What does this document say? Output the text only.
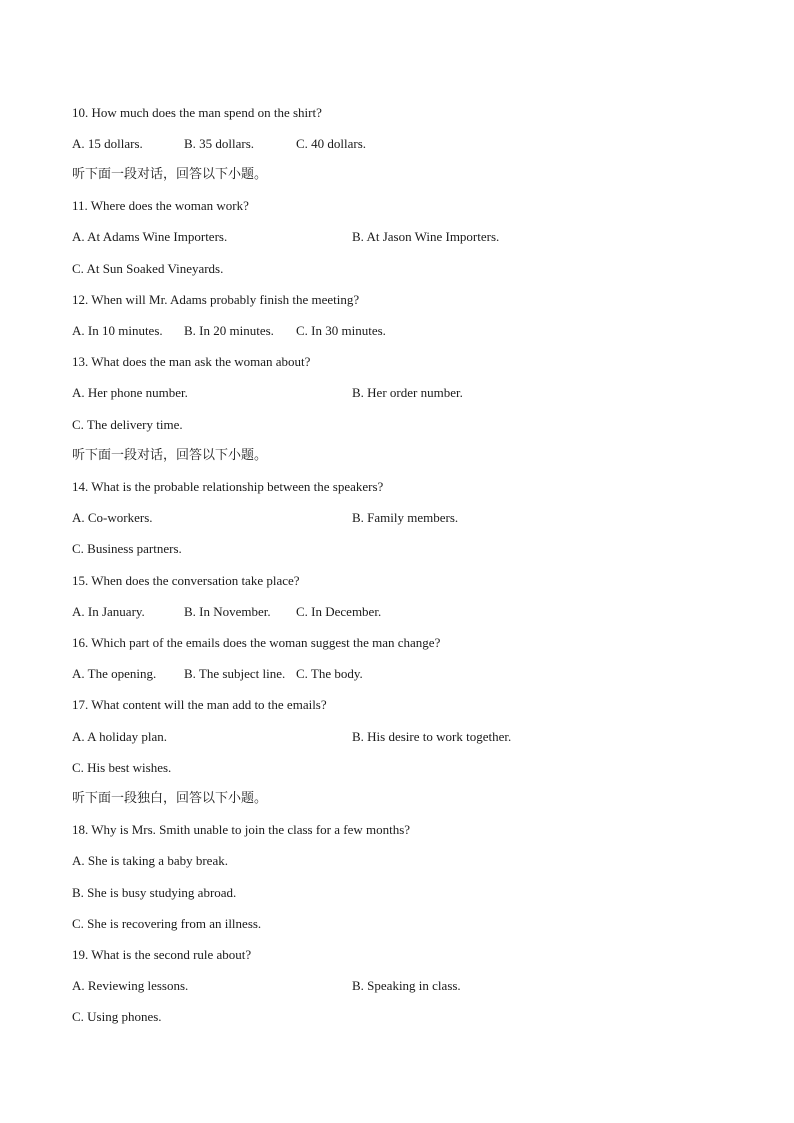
10. How much does the man spend on the shirt?
A. 15 dollars.	B. 35 dollars.	C. 40 dollars.
听下面一段对话，回答以下小题。
11. Where does the woman work?
A. At Adams Wine Importers.	B. At Jason Wine Importers.
C. At Sun Soaked Vineyards.
12. When will Mr. Adams probably finish the meeting?
A. In 10 minutes. B. In 20 minutes. C. In 30 minutes.
13. What does the man ask the woman about?
A. Her phone number.	B. Her order number.
C. The delivery time.
听下面一段对话，回答以下小题。
14. What is the probable relationship between the speakers?
A. Co-workers.	B. Family members.
C. Business partners.
15. When does the conversation take place?
A. In January.	B. In November. C. In December.
16. Which part of the emails does the woman suggest the man change?
A. The opening. B. The subject line. C. The body.
17. What content will the man add to the emails?
A. A holiday plan.	B. His desire to work together.
C. His best wishes.
听下面一段独白，回答以下小题。
18. Why is Mrs. Smith unable to join the class for a few months?
A. She is taking a baby break.
B. She is busy studying abroad.
C. She is recovering from an illness.
19. What is the second rule about?
A. Reviewing lessons.	B. Speaking in class.
C. Using phones.
